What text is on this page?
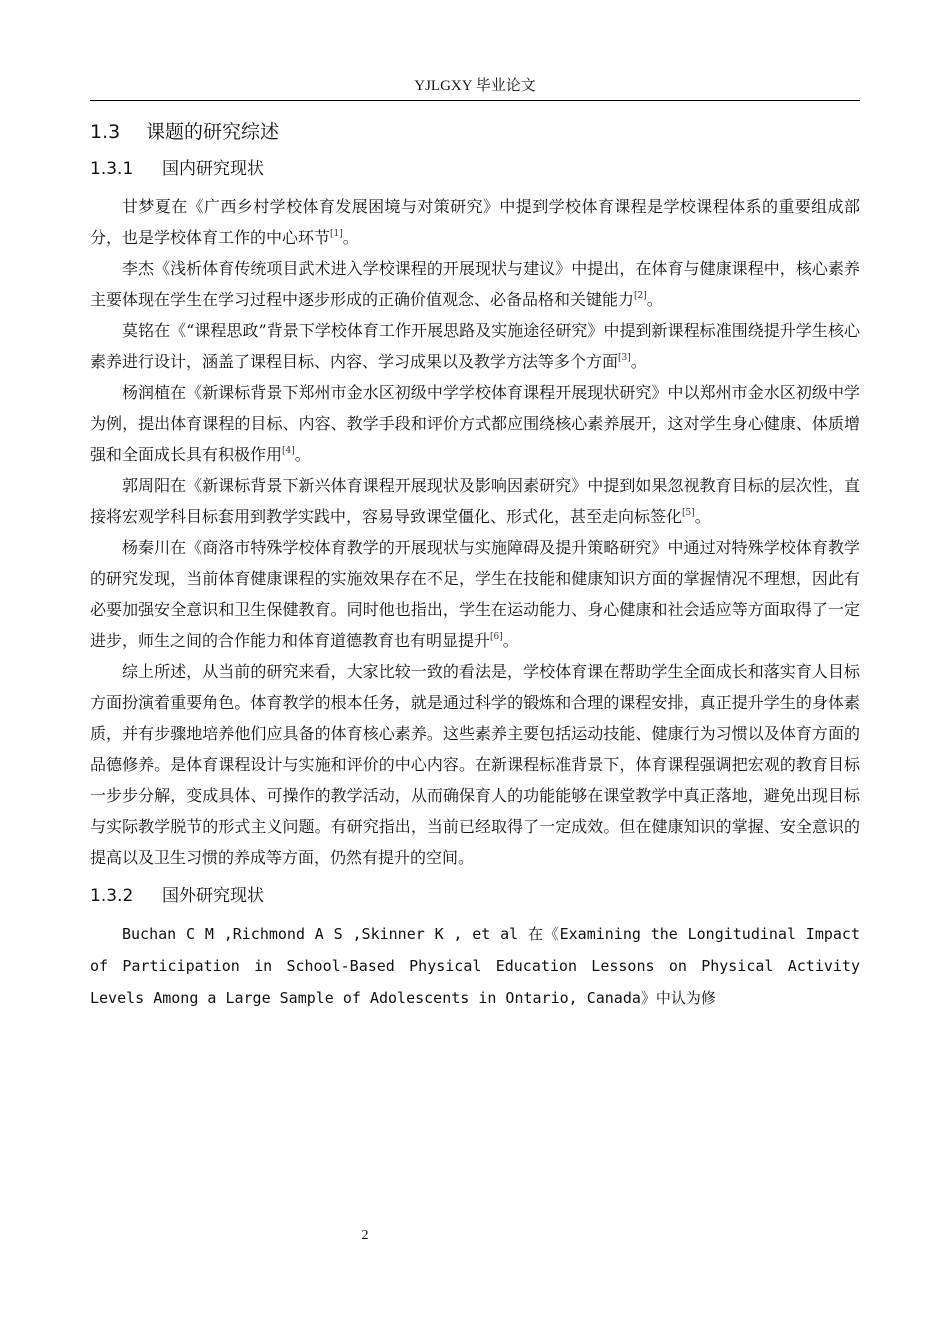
YJLGXY 毕业论文
1.3 课题的研究综述
1.3.1 国内研究现状

甘梦夏在《广西乡村学校体育发展困境与对策研究》中提到学校体育课程是学校课程体系的重要组成部分，也是学校体育工作的中心环节[1]。

李杰《浅析体育传统项目武术进入学校课程的开展现状与建议》中提出，在体育与健康课程中，核心素养主要体现在学生在学习过程中逐步形成的正确价值观念、必备品格和关键能力[2]。

莫铭在《“课程思政”背景下学校体育工作开展思路及实施途径研究》中提到新课程标准围绕提升学生核心素养进行设计，涵盖了课程目标、内容、学习成果以及教学方法等多个方面[3]。

杨润植在《新课标背景下郑州市金水区初级中学学校体育课程开展现状研究》中以郑州市金水区初级中学为例，提出体育课程的目标、内容、教学手段和评价方式都应围绕核心素养展开，这对学生身心健康、体质增强和全面成长具有积极作用[4]。

郭周阳在《新课标背景下新兴体育课程开展现状及影响因素研究》中提到如果忽视教育目标的层次性，直接将宏观学科目标套用到教学实践中，容易导致课堂僵化、形式化，甚至走向标签化[5]。

杨秦川在《商洛市特殊学校体育教学的开展现状与实施障碍及提升策略研究》中通过对特殊学校体育教学的研究发现，当前体育健康课程的实施效果存在不足，学生在技能和健康知识方面的掌握情况不理想，因此有必要加强安全意识和卫生保健教育。同时他也指出，学生在运动能力、身心健康和社会适应等方面取得了一定进步，师生之间的合作能力和体育道德教育也有明显提升[6]。

综上所述，从当前的研究来看，大家比较一致的看法是，学校体育课在帮助学生全面成长和落实育人目标方面扮演着重要角色。体育教学的根本任务，就是通过科学的锻炼和合理的课程安排，真正提升学生的身体素质，并有步骤地培养他们应具备的体育核心素养。这些素养主要包括运动技能、健康行为习惯以及体育方面的品德修养。是体育课程设计与实施和评价的中心内容。在新课程标准背景下，体育课程强调把宏观的教育目标一步步分解，变成具体、可操作的教学活动，从而确保育人的功能能够在课堂教学中真正落地，避免出现目标与实际教学脱节的形式主义问题。有研究指出，当前已经取得了一定成效。但在健康知识的掌握、安全意识的提高以及卫生习惯的养成等方面，仍然有提升的空间。

1.3.2 国外研究现状

Buchan C M ,Richmond A S ,Skinner K , et al 在《Examining the Longitudinal Impact of Participation in School-Based Physical Education Lessons on Physical Activity Levels Among a Large Sample of Adolescents in Ontario, Canada》中认为修

2
